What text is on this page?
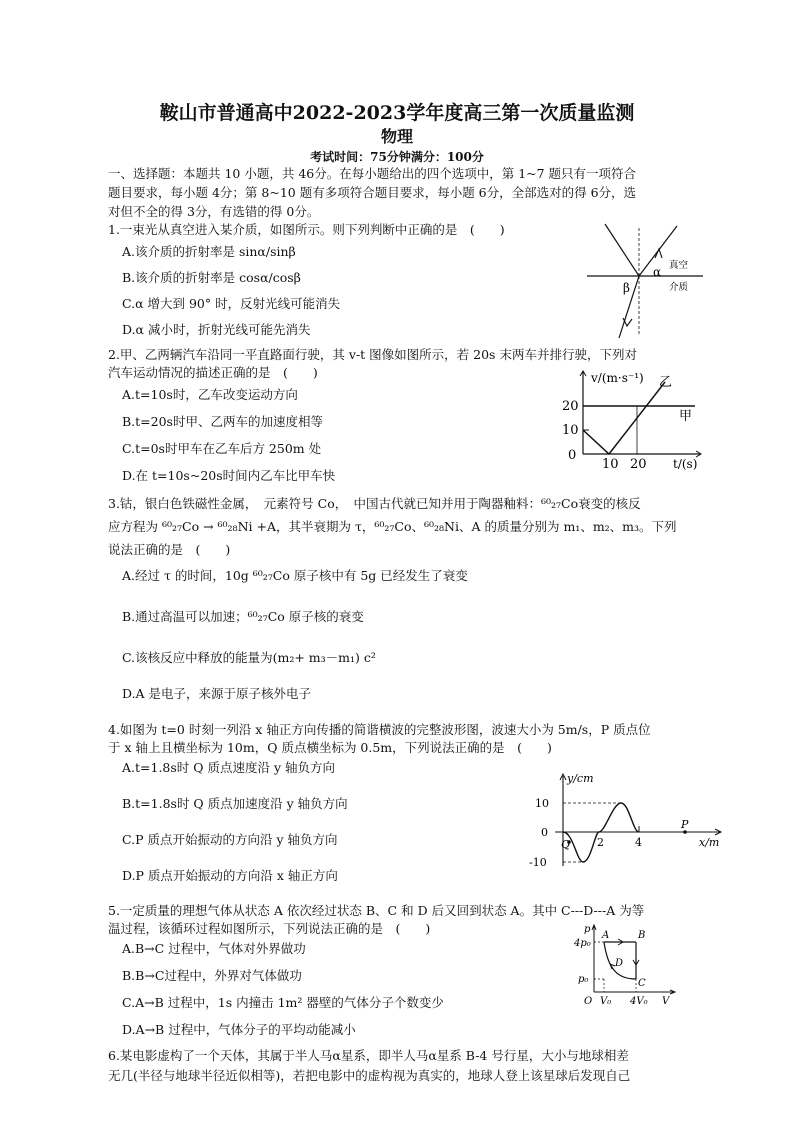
鞍山市普通高中2022-2023学年度高三第一次质量监测
物理
考试时间：75分钟满分：100分
一、选择题：本题共 10 小题，共 46分。在每小题给出的四个选项中，第 1~7 题只有一项符合
题目要求，每小题 4分；第 8~10 题有多项符合题目要求，每小题 6分，全部选对的得 6分，选
对但不全的得 3分，有选错的得 0分。
1.一束光从真空进入某介质，如图所示。则下列判断中正确的是　(　　)
A.该介质的折射率是 sinα/sinβ
B.该介质的折射率是 cosα/cosβ
C.α 增大到 90° 时，反射光线可能消失
D.α 减小时，折射光线可能先消失
α
β
真空
介质
2.甲、乙两辆汽车沿同一平直路面行驶，其 v-t 图像如图所示，若 20s 末两车并排行驶，下列对
汽车运动情况的描述正确的是　(　　)
A.t=10s时，乙车改变运动方向
B.t=20s时甲、乙两车的加速度相等
C.t=0s时甲车在乙车后方 250m 处
D.在 t=10s~20s时间内乙车比甲车快
v/(m·s⁻¹)
t/(s)
20
10
0
10 20
乙
甲
3.钴，银白色铁磁性金属，　元素符号 Co，　中国古代就已知并用于陶器釉料：⁶⁰₂₇Co衰变的核反
应方程为 ⁶⁰₂₇Co → ⁶⁰₂₈Ni +A，其半衰期为 τ，⁶⁰₂₇Co、⁶⁰₂₈Ni、A 的质量分别为 m₁、m₂、m₃。下列
说法正确的是　(　　)
A.经过 τ 的时间，10g ⁶⁰₂₇Co 原子核中有 5g 已经发生了衰变
B.通过高温可以加速；⁶⁰₂₇Co 原子核的衰变
C.该核反应中释放的能量为(m₂+ m₃－m₁) c²
D.A 是电子，来源于原子核外电子
4.如图为 t=0 时刻一列沿 x 轴正方向传播的简谐横波的完整波形图，波速大小为 5m/s，P 质点位
于 x 轴上且横坐标为 10m，Q 质点横坐标为 0.5m，下列说法正确的是　(　　)
A.t=1.8s时 Q 质点速度沿 y 轴负方向
B.t=1.8s时 Q 质点加速度沿 y 轴负方向
C.P 质点开始振动的方向沿 y 轴负方向
D.P 质点开始振动的方向沿 x 轴正方向
y/cm
x/m
10
0
-10
2	4
Q
P
5.一定质量的理想气体从状态 A 依次经过状态 B、C 和 D 后又回到状态 A。其中 C---D---A 为等
温过程，该循环过程如图所示，下列说法正确的是　(　　)
A.B→C 过程中，气体对外界做功
B.B→C过程中，外界对气体做功
C.A→B 过程中，1s 内撞击 1m² 器壁的气体分子个数变少
D.A→B 过程中，气体分子的平均动能减小
4p₀
p₀
O V₀ 4V₀
p
V
A	B
C
D
6.某电影虚构了一个天体，其属于半人马α星系，即半人马α星系 B-4 号行星，大小与地球相差
无几(半径与地球半径近似相等)，若把电影中的虚构视为真实的，地球人登上该星球后发现自己
